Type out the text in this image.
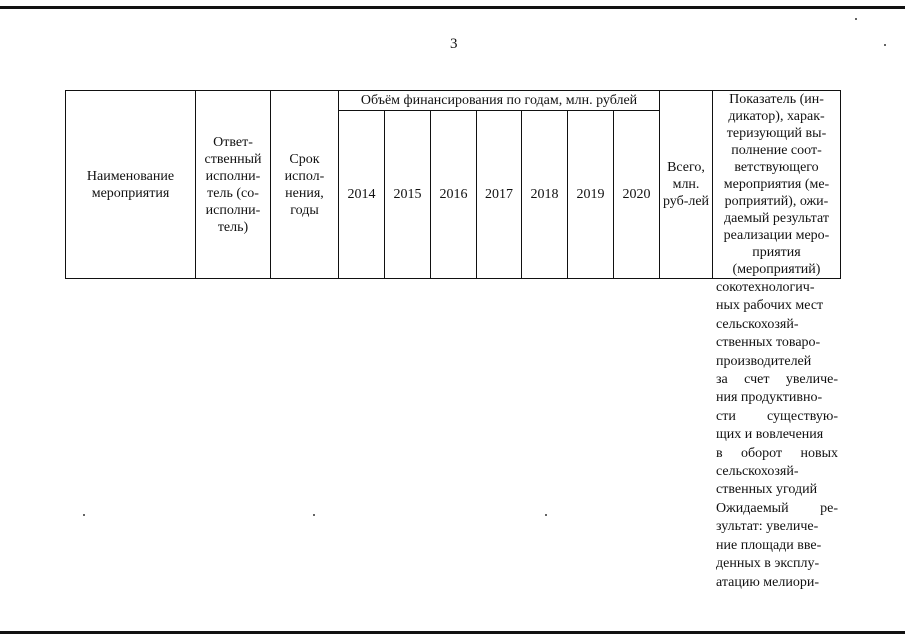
3
Наименование мероприятия	Ответ-ственный исполни-тель (со-исполни-тель)	Срок испол-нения, годы	Объём финансирования по годам, млн. рублей							Всего, млн. руб-лей	Показатель (ин-дикатор), харак-теризующий вы-полнение соот-ветствующего мероприятия (ме-роприятий), ожи-даемый результат реализации меро-приятия (мероприятий)
			2014	2015	2016	2017	2018	2019	2020		
сокотехнологич-
ных рабочих мест
сельскохозяй-
ственных товаро-
производителей
за счет увеличе-
ния продуктивно-
сти существую-
щих и вовлечения
в оборот новых
сельскохозяй-
ственных угодий
Ожидаемый ре-
зультат: увеличе-
ние площади вве-
денных в эксплу-
атацию мелиори-
